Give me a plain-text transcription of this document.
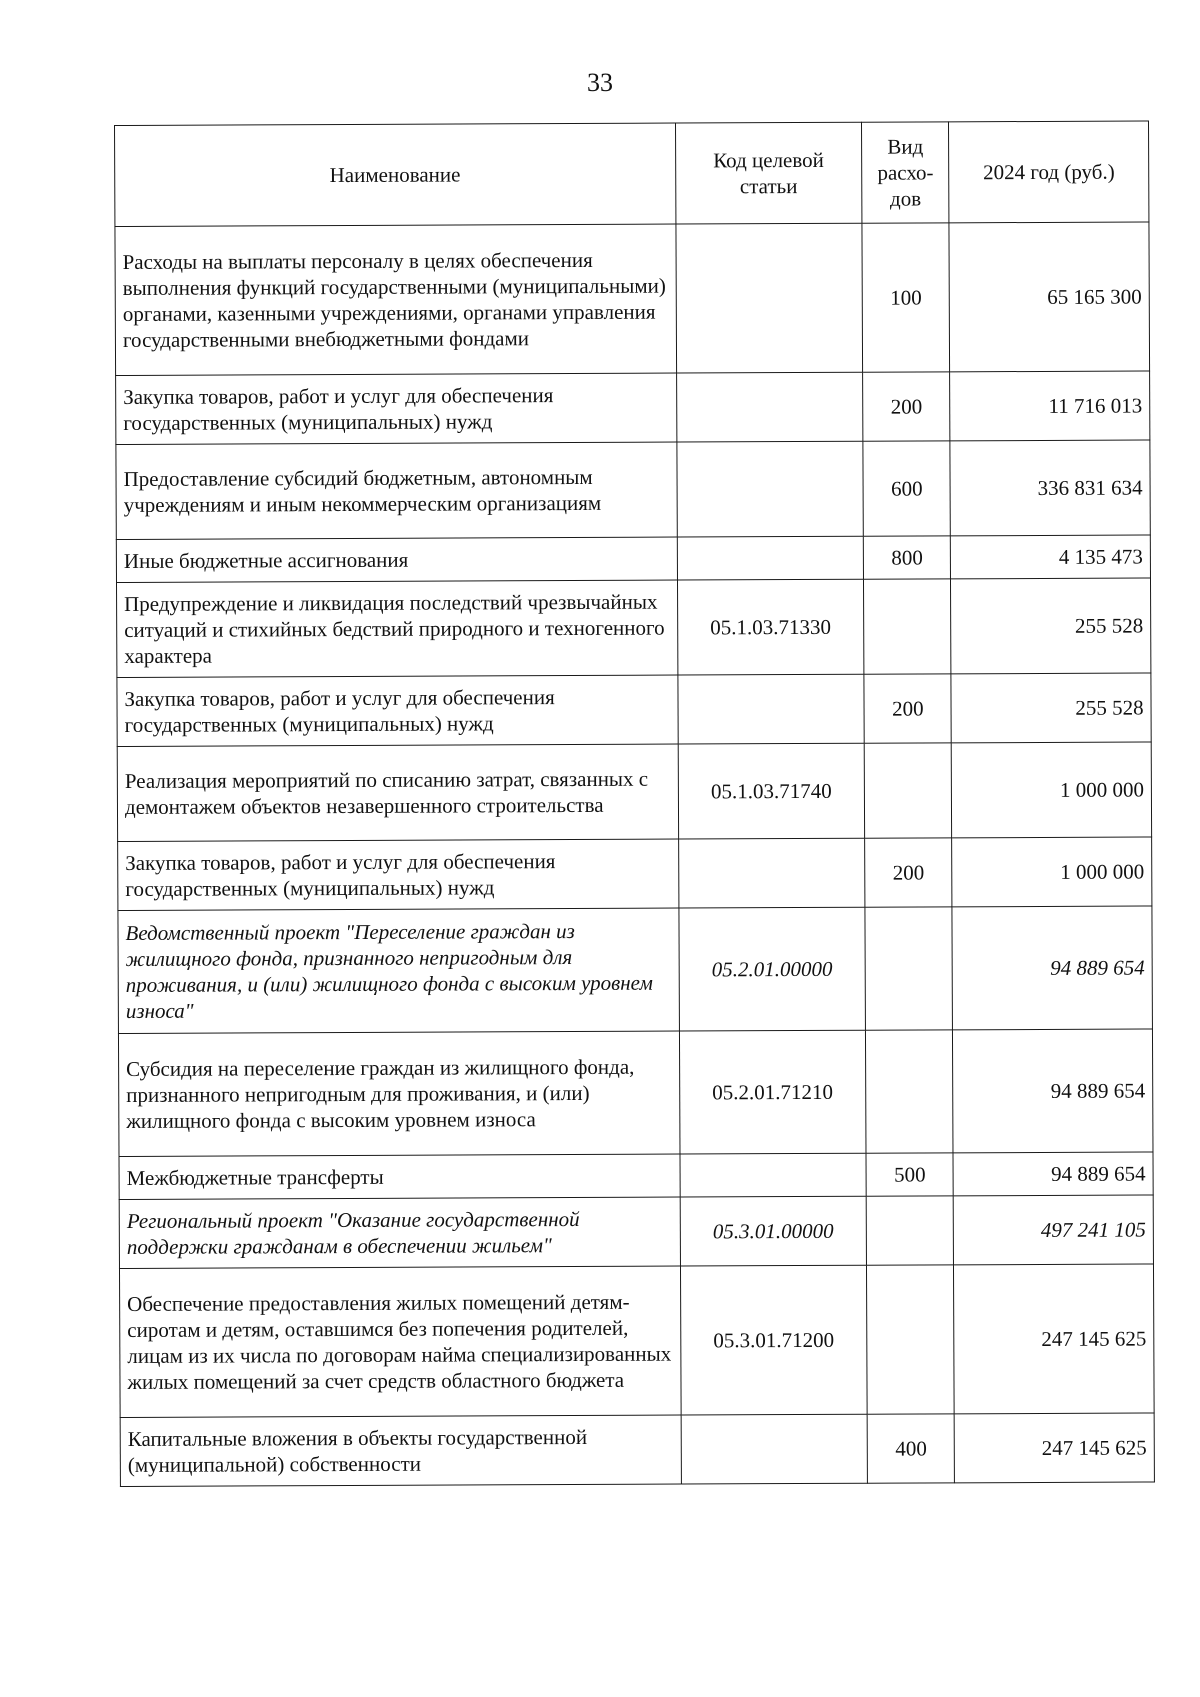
33
Наименование	Код целевой статьи	Вид расхо-дов	2024 год (руб.)
Расходы на выплаты персоналу в целях обеспечения выполнения функций государственными (муниципальными) органами, казенными учреждениями, органами управления государственными внебюджетными фондами		100	65 165 300
Закупка товаров, работ и услуг для обеспечения государственных (муниципальных) нужд		200	11 716 013
Предоставление субсидий бюджетным, автономным учреждениям и иным некоммерческим организациям		600	336 831 634
Иные бюджетные ассигнования		800	4 135 473
Предупреждение и ликвидация последствий чрезвычайных ситуаций и стихийных бедствий природного и техногенного характера	05.1.03.71330		255 528
Закупка товаров, работ и услуг для обеспечения государственных (муниципальных) нужд		200	255 528
Реализация мероприятий по списанию затрат, связанных с демонтажем объектов незавершенного строительства	05.1.03.71740		1 000 000
Закупка товаров, работ и услуг для обеспечения государственных (муниципальных) нужд		200	1 000 000
Ведомственный проект "Переселение граждан из жилищного фонда, признанного непригодным для проживания, и (или) жилищного фонда с высоким уровнем износа"	05.2.01.00000		94 889 654
Субсидия на переселение граждан из жилищного фонда, признанного непригодным для проживания, и (или) жилищного фонда с высоким уровнем износа	05.2.01.71210		94 889 654
Межбюджетные трансферты		500	94 889 654
Региональный проект "Оказание государственной поддержки гражданам в обеспечении жильем"	05.3.01.00000		497 241 105
Обеспечение предоставления жилых помещений детям-сиротам и детям, оставшимся без попечения родителей, лицам из их числа по договорам найма специализированных жилых помещений за счет средств областного бюджета	05.3.01.71200		247 145 625
Капитальные вложения в объекты государственной (муниципальной) собственности		400	247 145 625
